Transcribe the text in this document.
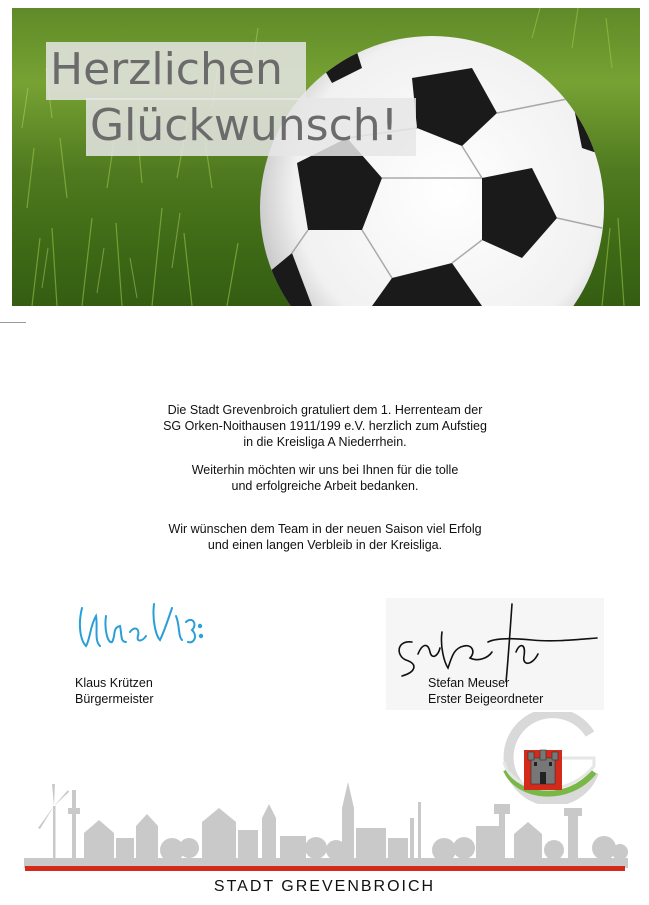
Herzlichen
Glückwunsch!

Die Stadt Grevenbroich gratuliert dem 1. Herrenteam der

SG Orken-Noithausen 1911/199 e.V. herzlich zum Aufstieg

in die Kreisliga A Niederrhein.

Weiterhin möchten wir uns bei Ihnen für die tolle

und erfolgreiche Arbeit bedanken.

Wir wünschen dem Team in der neuen Saison viel Erfolg

und einen langen Verbleib in der Kreisliga.

Klaus Krützen
Bürgermeister
Stefan Meuser
Erster Beigeordneter
STADT GREVENBROICH
